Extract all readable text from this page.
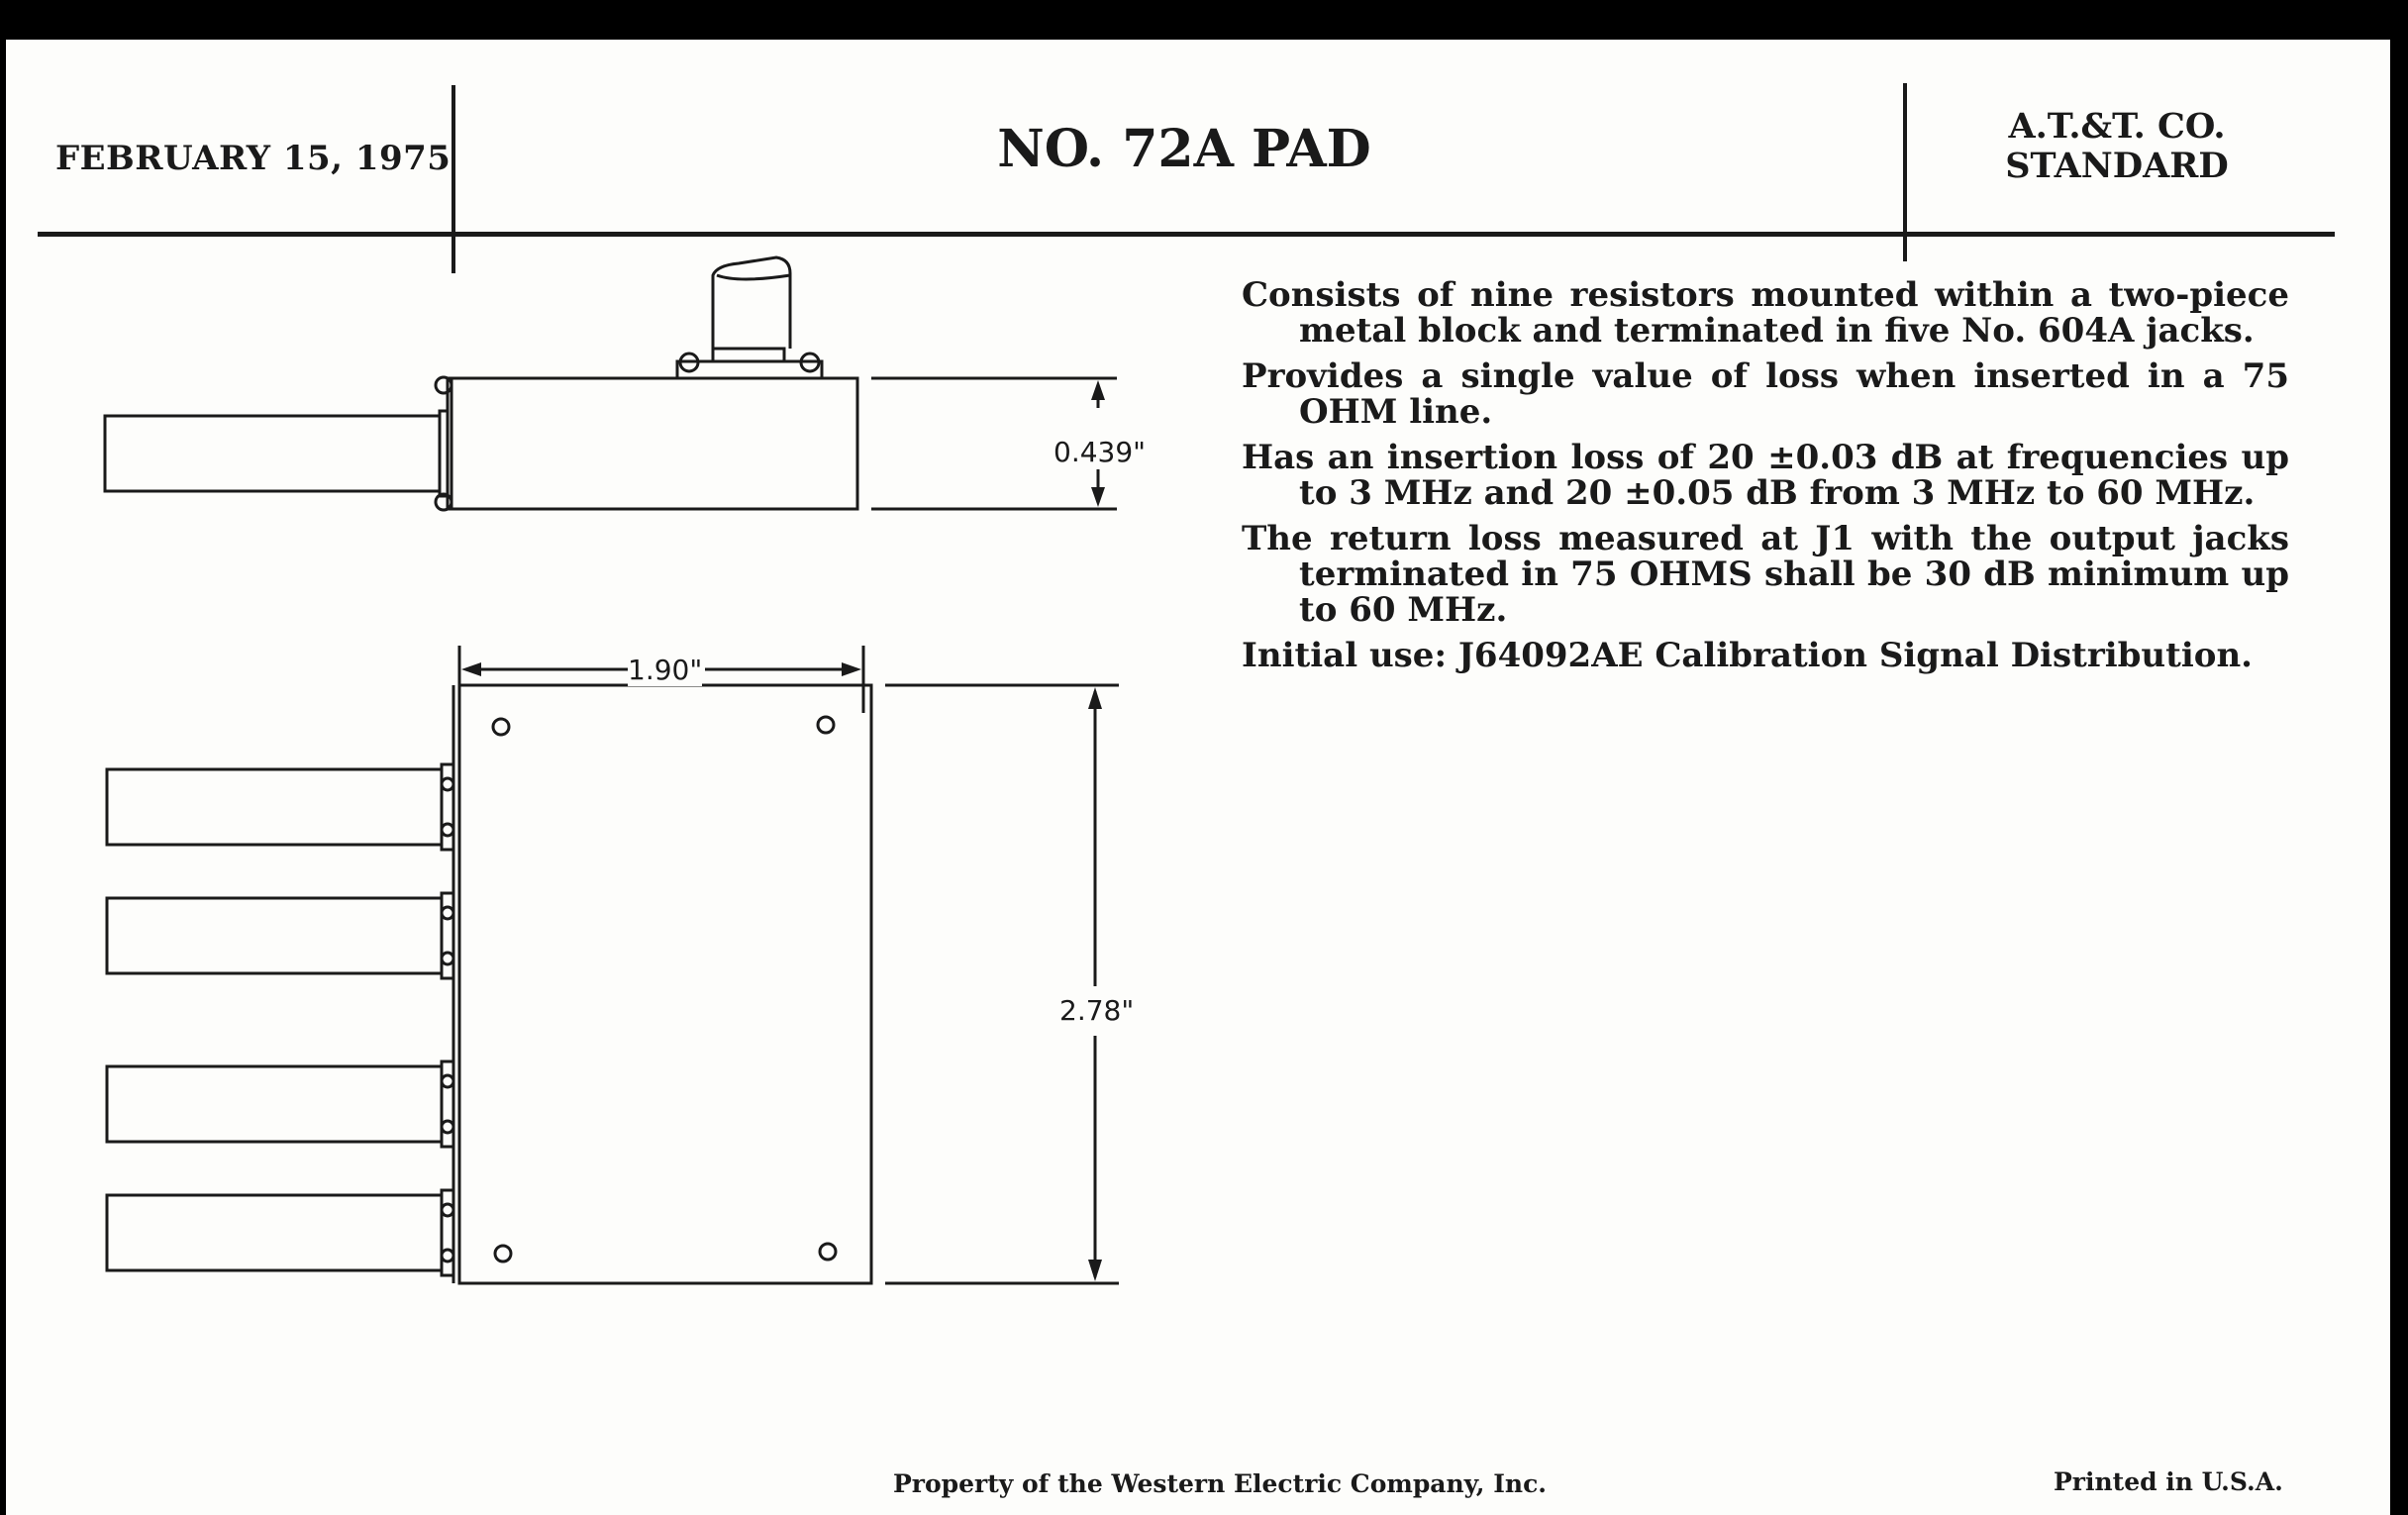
FEBRUARY 15, 1975	NO. 72A PAD	A.T.&T. CO.
STANDARD
Consists of nine resistors mounted within a two-piece metal block and terminated in five No. 604A jacks.
Provides a single value of loss when inserted in a 75 OHM line.
Has an insertion loss of 20 ±0.03 dB at frequencies up to 3 MHz and 20 ±0.05 dB from 3 MHz to 60 MHz.
The return loss measured at J1 with the output jacks terminated in 75 OHMS shall be 30 dB minimum up to 60 MHz.
Initial use: J64092AE Calibration Signal Distribution.
0.439"
1.90"
2.78"
Property of the Western Electric Company, Inc.	Printed in U.S.A.
